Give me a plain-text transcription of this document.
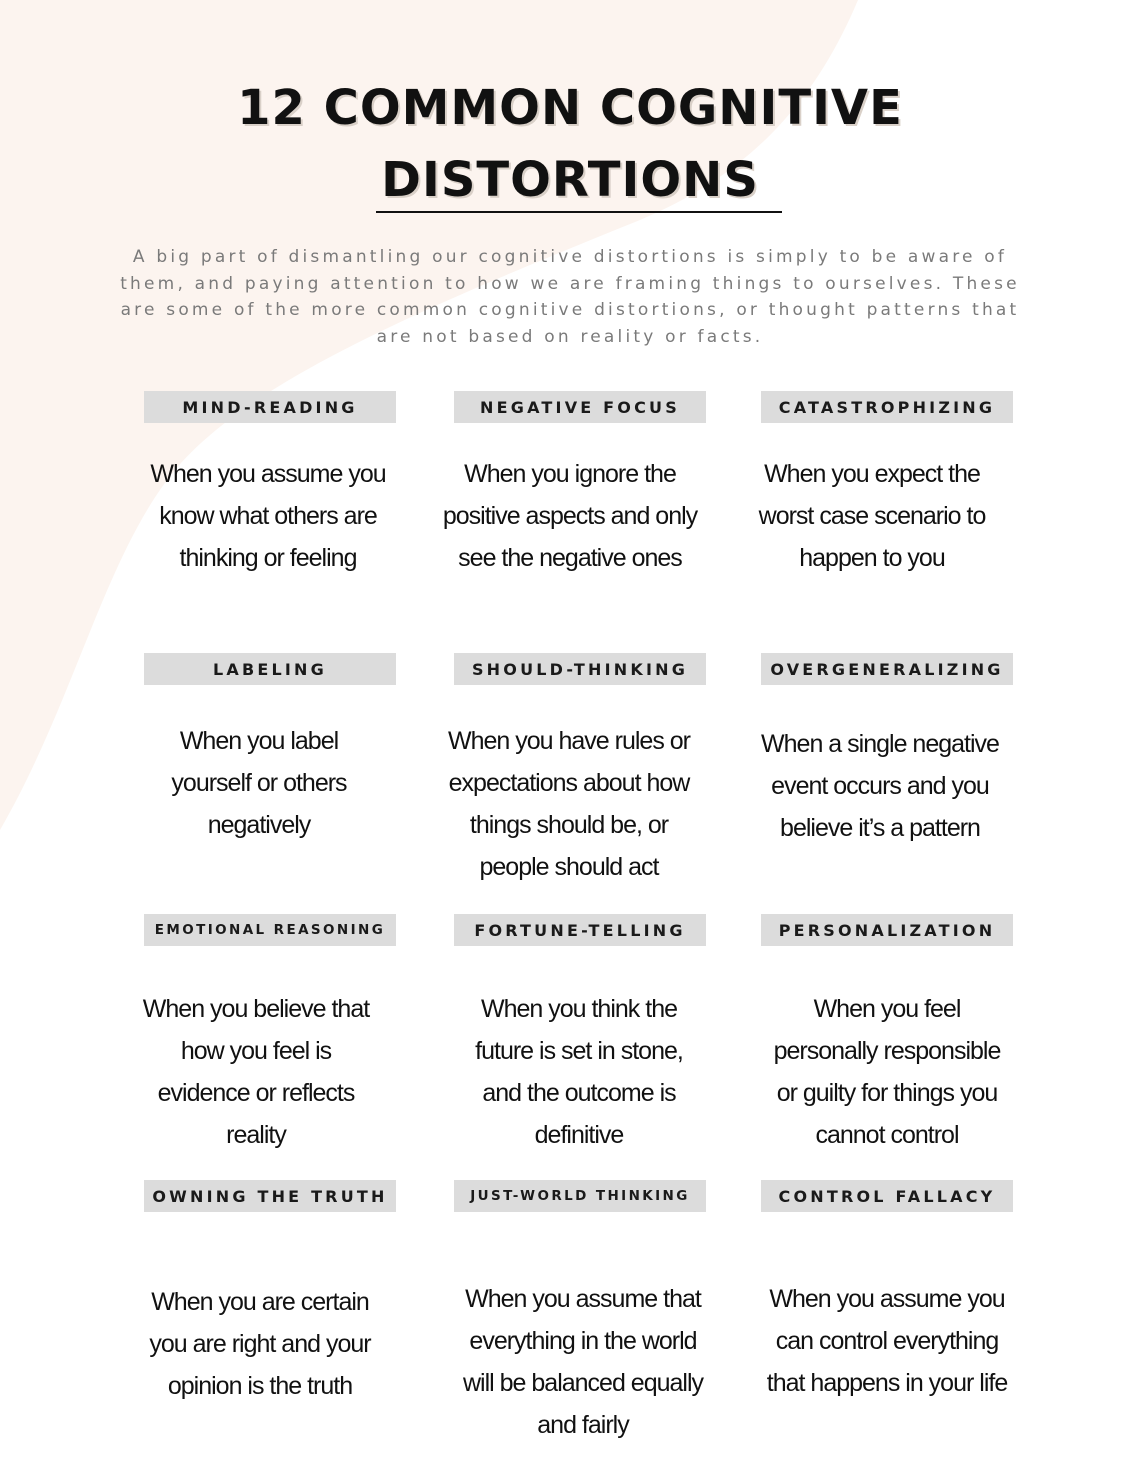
12 COMMON COGNITIVE
DISTORTIONS

A big part of dismantling our cognitive distortions is simply to be aware of them, and paying attention to how we are framing things to ourselves. These are some of the more common cognitive distortions, or thought patterns that are not based on reality or facts.

MIND-READING

When you assume you know what others are thinking or feeling

NEGATIVE FOCUS

When you ignore the positive aspects and only see the negative ones

CATASTROPHIZING

When you expect the worst case scenario to happen to you

LABELING

When you label yourself or others negatively

SHOULD-THINKING

When you have rules or expectations about how things should be, or people should act

OVERGENERALIZING

When a single negative event occurs and you believe it’s a pattern

EMOTIONAL REASONING

When you believe that how you feel is evidence or reflects reality

FORTUNE-TELLING

When you think the future is set in stone, and the outcome is definitive

PERSONALIZATION

When you feel personally responsible or guilty for things you cannot control

OWNING THE TRUTH

When you are certain you are right and your opinion is the truth

JUST-WORLD THINKING

When you assume that everything in the world will be balanced equally and fairly

CONTROL FALLACY

When you assume you can control everything that happens in your life
